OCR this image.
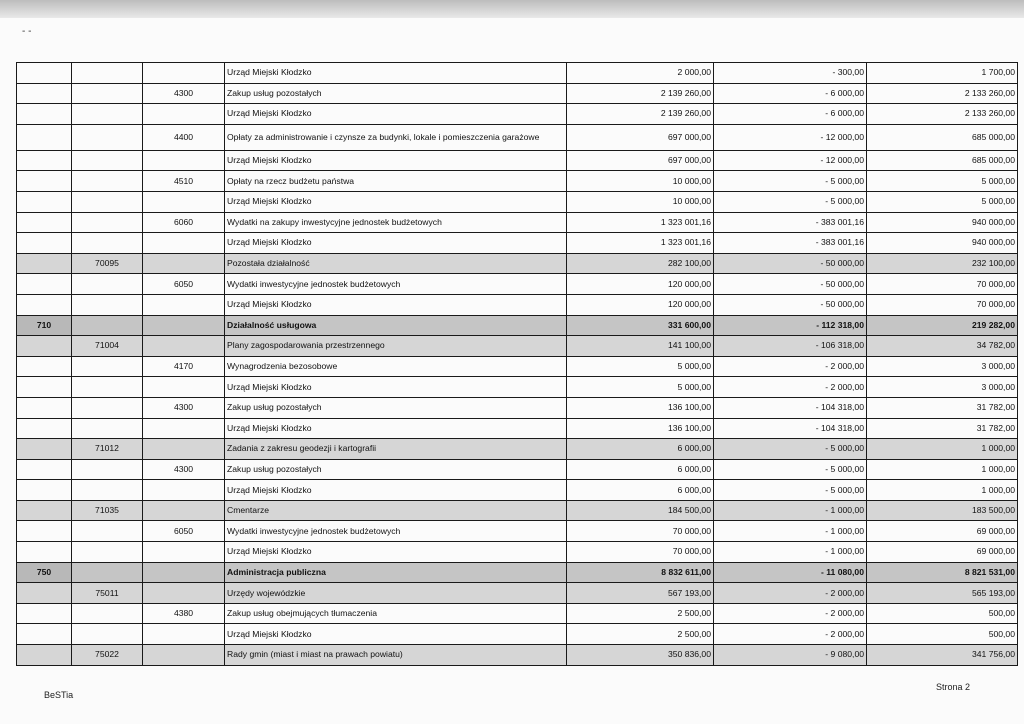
- -
			Urząd Miejski Kłodzko	2 000,00	- 300,00	1 700,00
		4300	Zakup usług pozostałych	2 139 260,00	- 6 000,00	2 133 260,00
			Urząd Miejski Kłodzko	2 139 260,00	- 6 000,00	2 133 260,00
		4400	Opłaty za administrowanie i czynsze za budynki, lokale i pomieszczenia garażowe	697 000,00	- 12 000,00	685 000,00
			Urząd Miejski Kłodzko	697 000,00	- 12 000,00	685 000,00
		4510	Opłaty na rzecz budżetu państwa	10 000,00	- 5 000,00	5 000,00
			Urząd Miejski Kłodzko	10 000,00	- 5 000,00	5 000,00
		6060	Wydatki na zakupy inwestycyjne jednostek budżetowych	1 323 001,16	- 383 001,16	940 000,00
			Urząd Miejski Kłodzko	1 323 001,16	- 383 001,16	940 000,00
	70095		Pozostała działalność	282 100,00	- 50 000,00	232 100,00
		6050	Wydatki inwestycyjne jednostek budżetowych	120 000,00	- 50 000,00	70 000,00
			Urząd Miejski Kłodzko	120 000,00	- 50 000,00	70 000,00
710			Działalność usługowa	331 600,00	- 112 318,00	219 282,00
	71004		Plany zagospodarowania przestrzennego	141 100,00	- 106 318,00	34 782,00
		4170	Wynagrodzenia bezosobowe	5 000,00	- 2 000,00	3 000,00
			Urząd Miejski Kłodzko	5 000,00	- 2 000,00	3 000,00
		4300	Zakup usług pozostałych	136 100,00	- 104 318,00	31 782,00
			Urząd Miejski Kłodzko	136 100,00	- 104 318,00	31 782,00
	71012		Zadania z zakresu geodezji i kartografii	6 000,00	- 5 000,00	1 000,00
		4300	Zakup usług pozostałych	6 000,00	- 5 000,00	1 000,00
			Urząd Miejski Kłodzko	6 000,00	- 5 000,00	1 000,00
	71035		Cmentarze	184 500,00	- 1 000,00	183 500,00
		6050	Wydatki inwestycyjne jednostek budżetowych	70 000,00	- 1 000,00	69 000,00
			Urząd Miejski Kłodzko	70 000,00	- 1 000,00	69 000,00
750			Administracja publiczna	8 832 611,00	- 11 080,00	8 821 531,00
	75011		Urzędy wojewódzkie	567 193,00	- 2 000,00	565 193,00
		4380	Zakup usług obejmujących tłumaczenia	2 500,00	- 2 000,00	500,00
			Urząd Miejski Kłodzko	2 500,00	- 2 000,00	500,00
	75022		Rady gmin (miast i miast na prawach powiatu)	350 836,00	- 9 080,00	341 756,00
BeSTia
Strona 2
